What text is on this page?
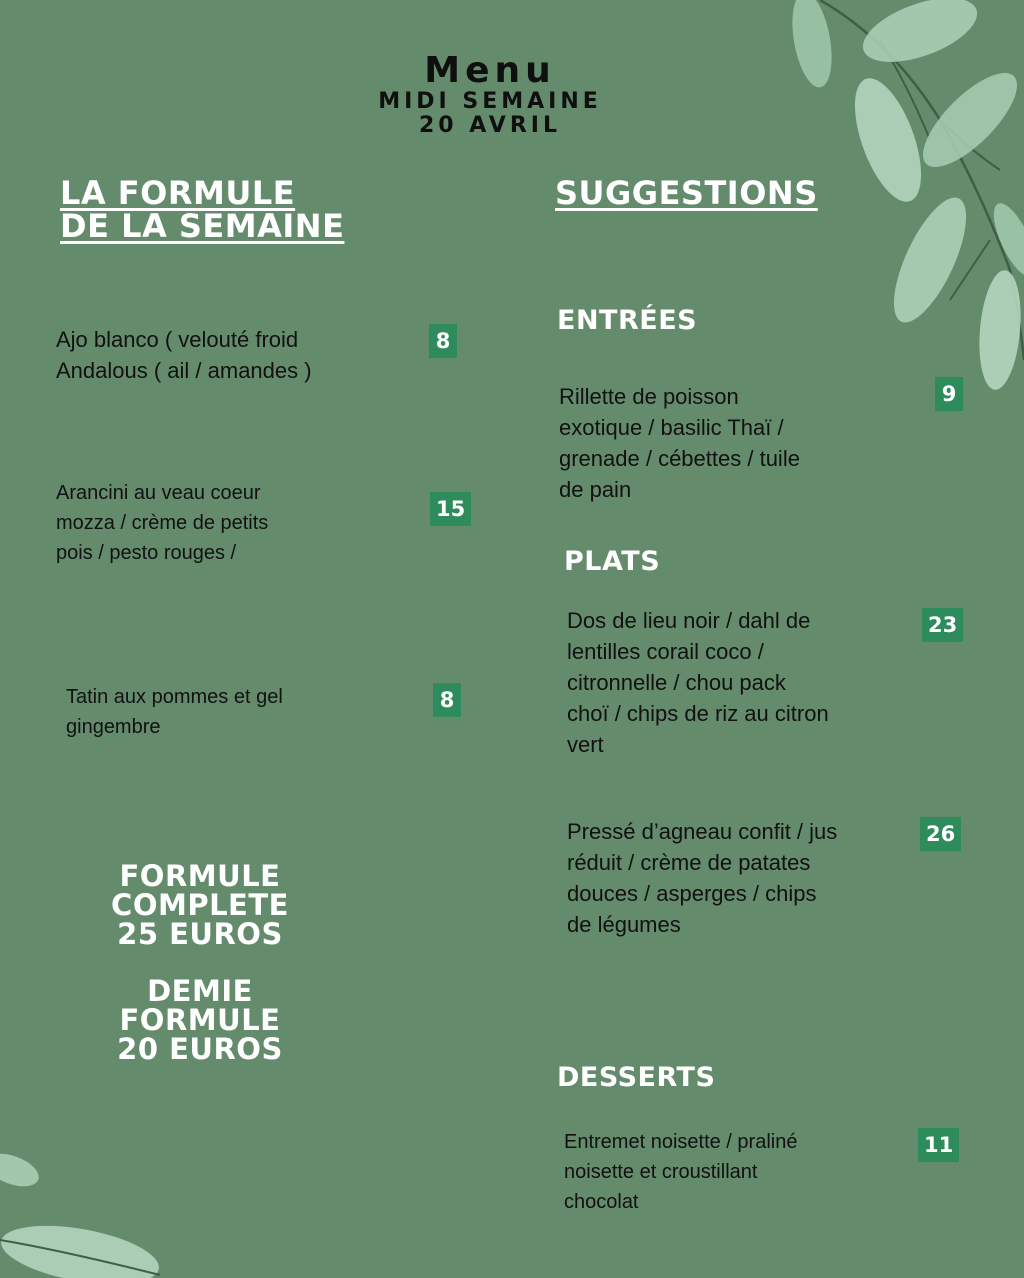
Menu
MIDI SEMAINE
20 AVRIL
LA FORMULE
DE LA SEMAINE
Ajo blanco ( velouté froid
Andalous ( ail / amandes )
8
Arancini au veau coeur
mozza / crème de petits
pois / pesto rouges /
15
Tatin aux pommes et gel
gingembre
8
FORMULE
COMPLETE
25 EUROS
DEMIE
FORMULE
20 EUROS
SUGGESTIONS
ENTRÉES
Rillette de poisson
exotique / basilic Thaï /
grenade / cébettes / tuile
de pain
9
PLATS
Dos de lieu noir / dahl de
lentilles corail coco /
citronnelle / chou pack
choï / chips de riz au citron
vert
23
Pressé d’agneau confit / jus
réduit / crème de patates
douces / asperges / chips
de légumes
26
DESSERTS
Entremet noisette / praliné
noisette et croustillant
chocolat
11
